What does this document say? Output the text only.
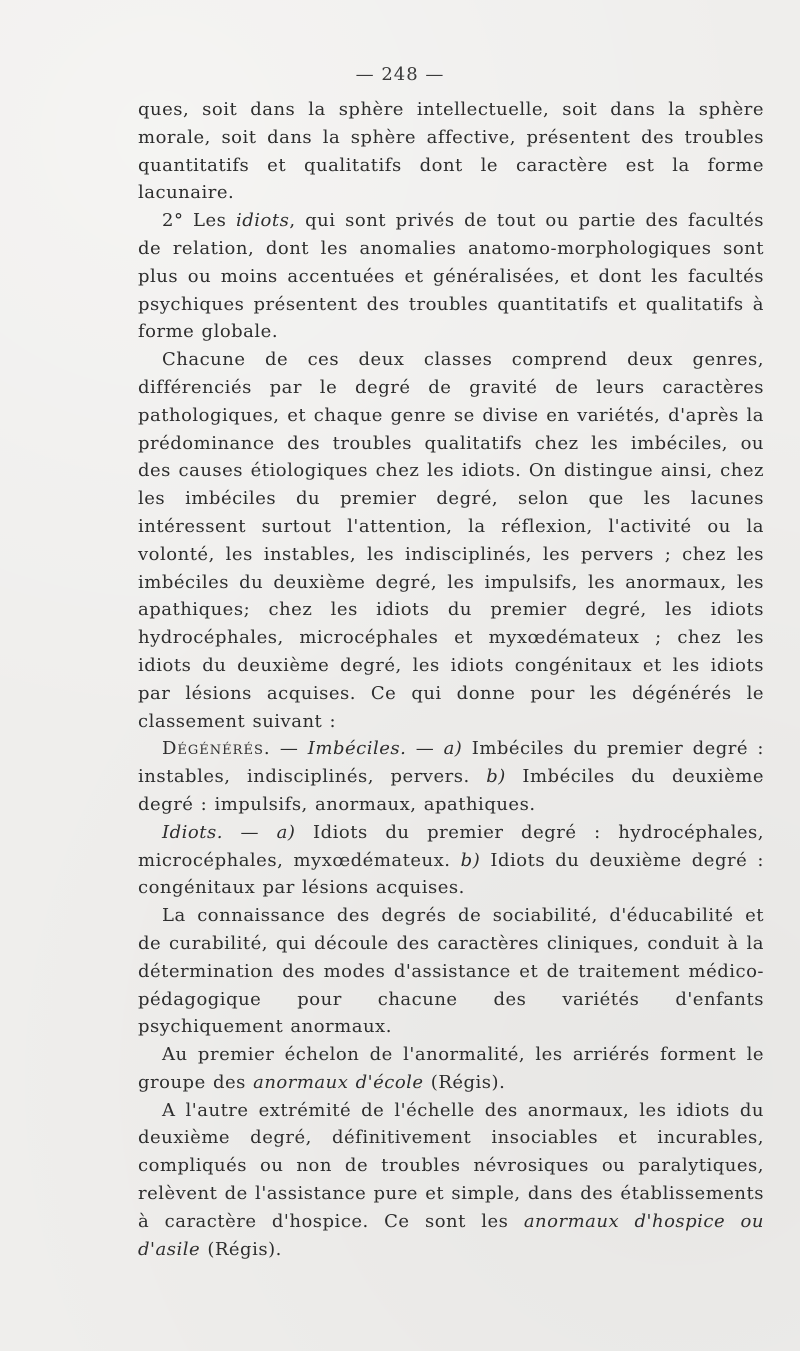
— 248 —

ques, soit dans la sphère intellectuelle, soit dans la sphère morale, soit dans la sphère affective, présentent des troubles quantitatifs et qualitatifs dont le caractère est la forme lacunaire.

2° Les idiots, qui sont privés de tout ou partie des facultés de relation, dont les anomalies anatomo-morphologiques sont plus ou moins accentuées et généralisées, et dont les facultés psychiques présentent des troubles quantitatifs et qualitatifs à forme globale.

Chacune de ces deux classes comprend deux genres, différenciés par le degré de gravité de leurs caractères pathologiques, et chaque genre se divise en variétés, d'après la prédominance des troubles qualitatifs chez les imbéciles, ou des causes étiologiques chez les idiots. On distingue ainsi, chez les imbéciles du premier degré, selon que les lacunes intéressent surtout l'attention, la réflexion, l'activité ou la volonté, les instables, les indisciplinés, les pervers ; chez les imbéciles du deuxième degré, les impulsifs, les anormaux, les apathiques; chez les idiots du premier degré, les idiots hydrocéphales, microcéphales et myxœdémateux ; chez les idiots du deuxième degré, les idiots congénitaux et les idiots par lésions acquises. Ce qui donne pour les dégénérés le classement suivant :

Dégénérés. — Imbéciles. — a) Imbéciles du premier degré : instables, indisciplinés, pervers. b) Imbéciles du deuxième degré : impulsifs, anormaux, apathiques.

Idiots. — a) Idiots du premier degré : hydrocéphales, microcéphales, myxœdémateux. b) Idiots du deuxième degré : congénitaux par lésions acquises.

La connaissance des degrés de sociabilité, d'éducabilité et de curabilité, qui découle des caractères cliniques, conduit à la détermination des modes d'assistance et de traitement médico-pédagogique pour chacune des variétés d'enfants psychiquement anormaux.

Au premier échelon de l'anormalité, les arriérés forment le groupe des anormaux d'école (Régis).

A l'autre extrémité de l'échelle des anormaux, les idiots du deuxième degré, définitivement insociables et incurables, compliqués ou non de troubles névrosiques ou paralytiques, relèvent de l'assistance pure et simple, dans des établissements à caractère d'hospice. Ce sont les anormaux d'hospice ou d'asile (Régis).
